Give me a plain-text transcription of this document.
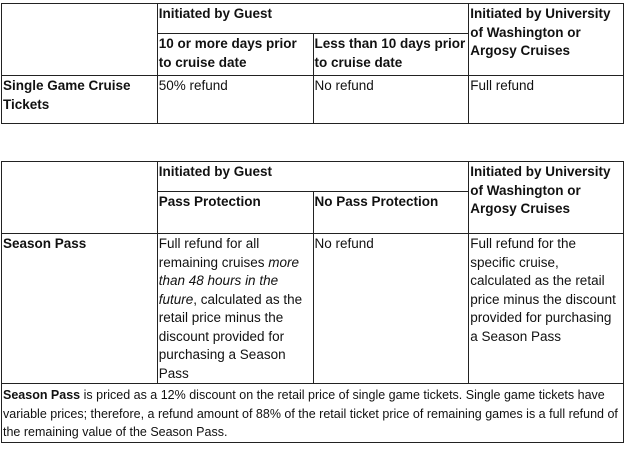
	Initiated by Guest		Initiated by University of Washington or Argosy Cruises
	10 or more days prior to cruise date	Less than 10 days prior to cruise date	
Single Game Cruise Tickets	50% refund	No refund	Full refund
	Initiated by Guest		Initiated by University of Washington or Argosy Cruises
	Pass Protection	No Pass Protection	
Season Pass	Full refund for all remaining cruises more than 48 hours in the future, calculated as the retail price minus the discount provided for purchasing a Season Pass	No refund	Full refund for the specific cruise, calculated as the retail price minus the discount provided for purchasing a Season Pass
Season Pass is priced as a 12% discount on the retail price of single game tickets. Single game tickets have variable prices; therefore, a refund amount of 88% of the retail ticket price of remaining games is a full refund of the remaining value of the Season Pass.			
